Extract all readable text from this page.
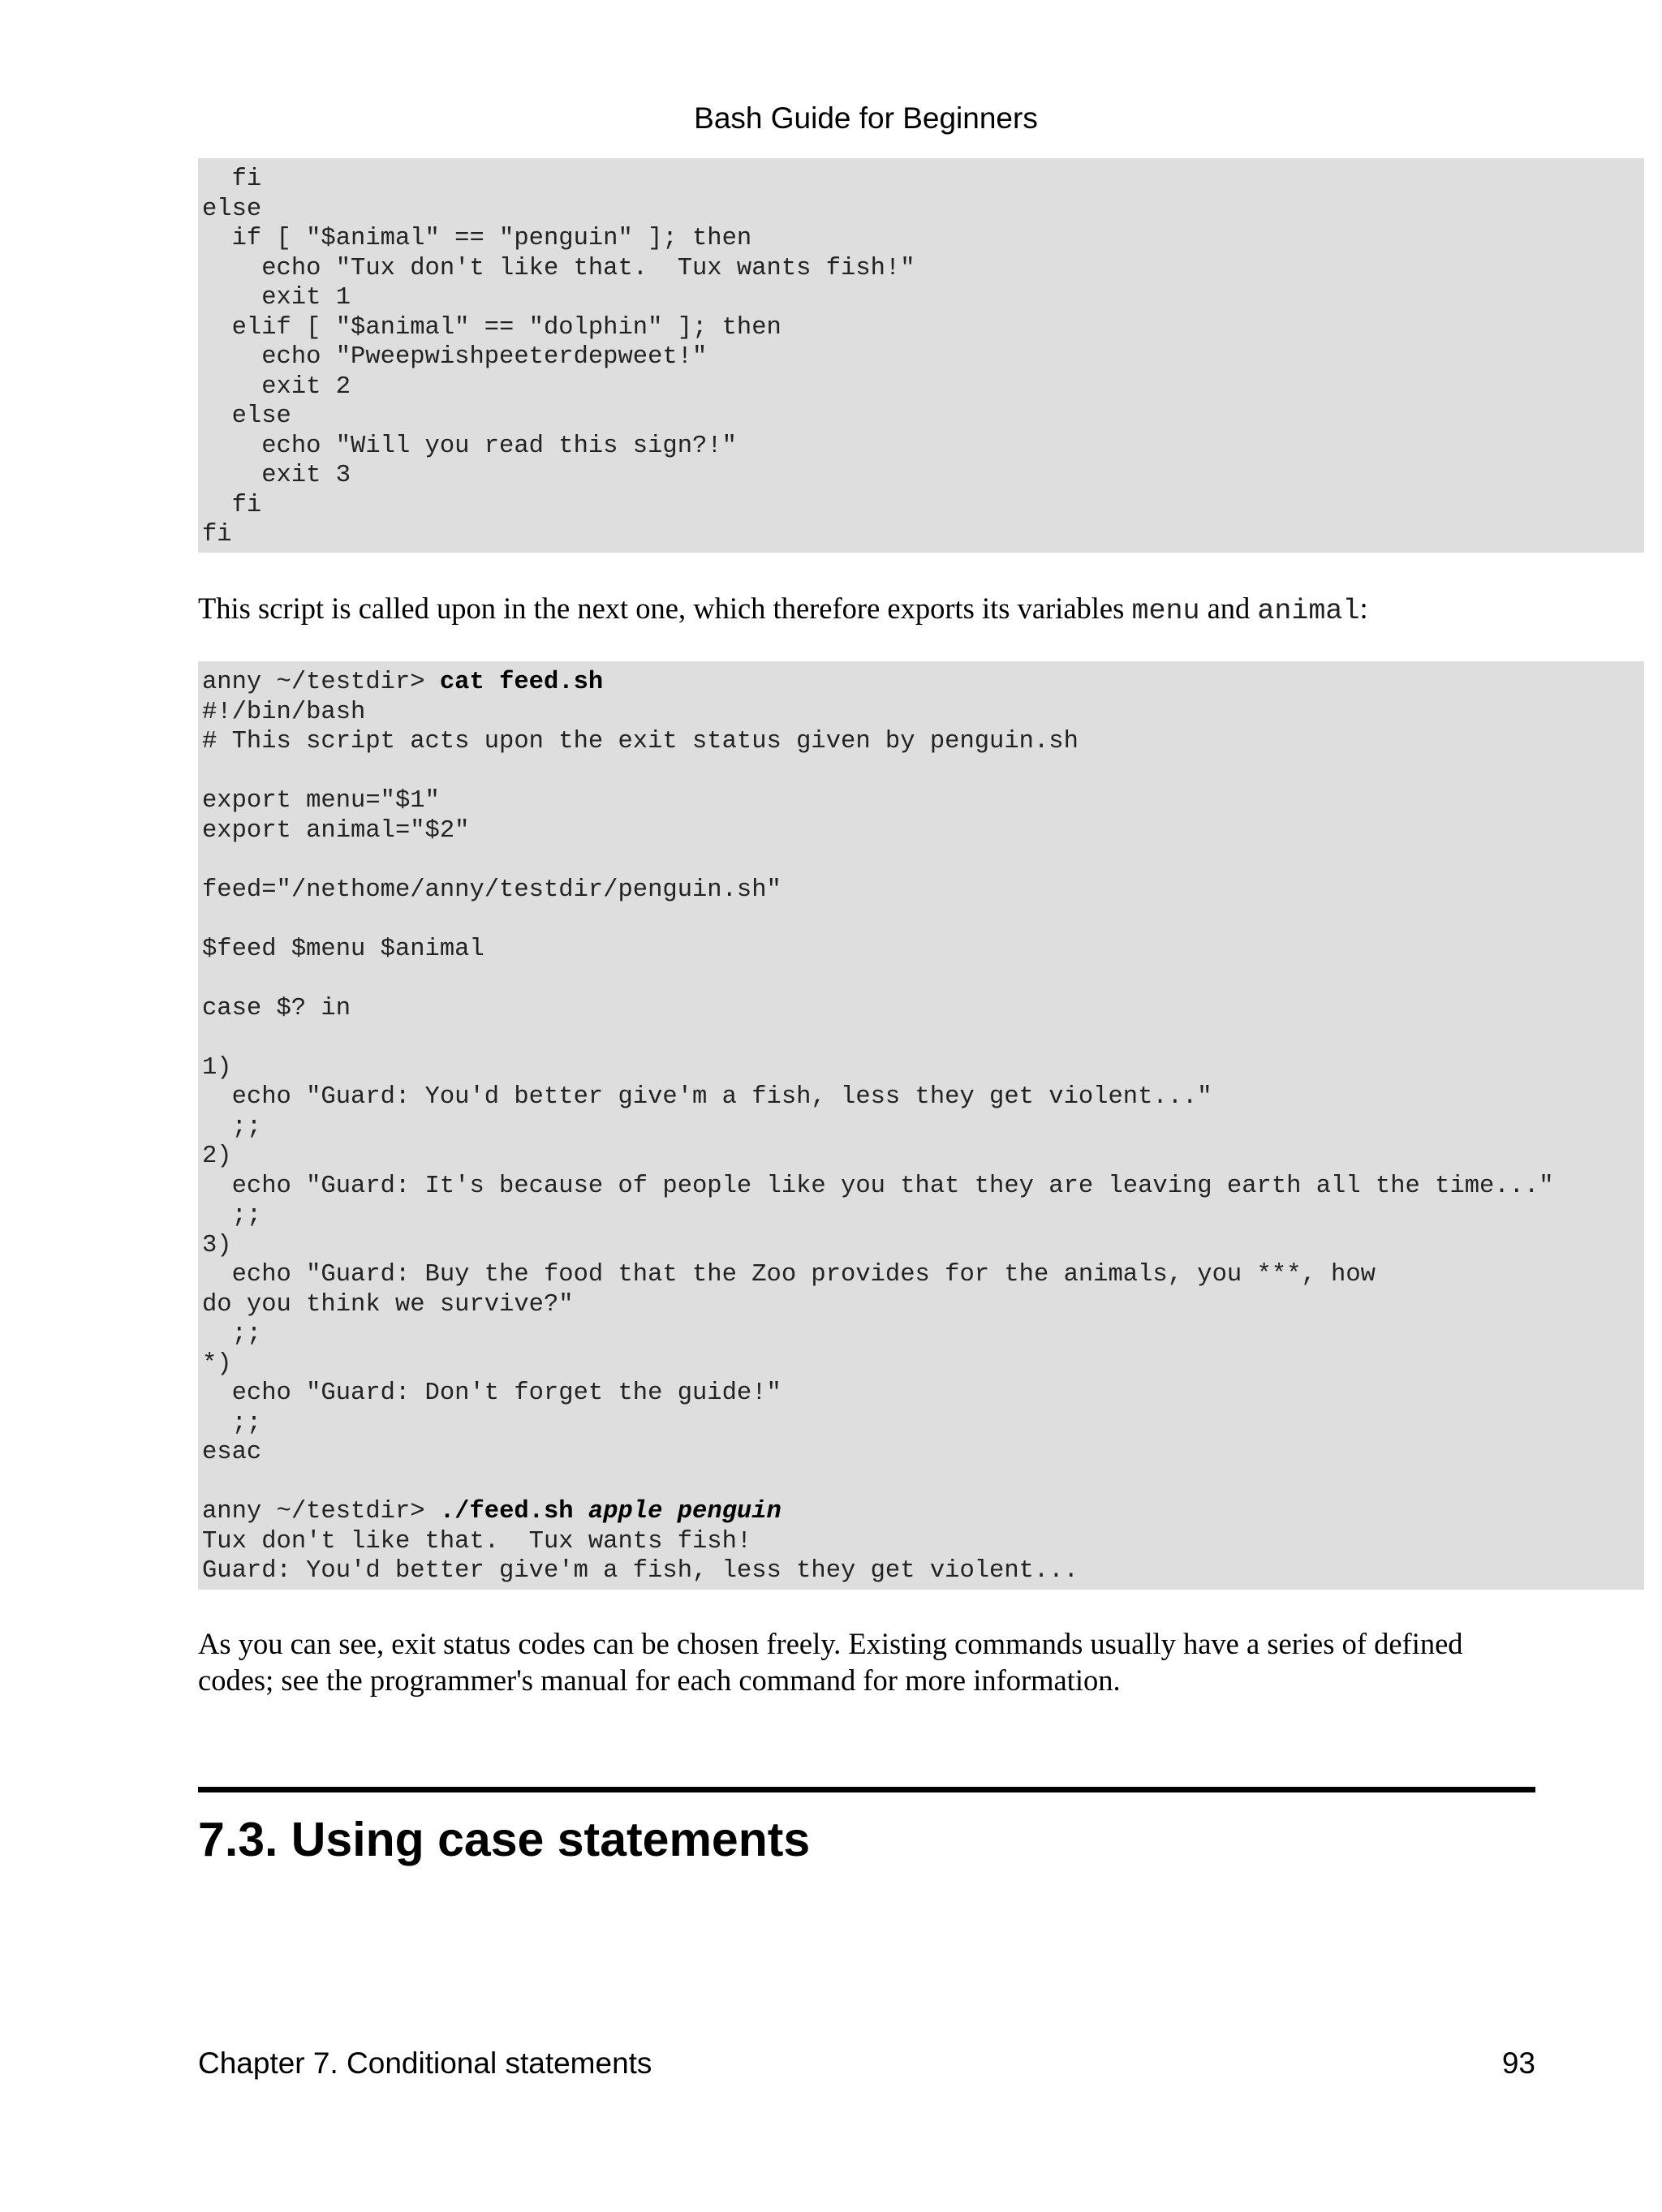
Bash Guide for Beginners
fi
else
if [ "$animal" == "penguin" ]; then
echo "Tux don't like that.  Tux wants fish!"
exit 1
elif [ "$animal" == "dolphin" ]; then
echo "Pweepwishpeeterdepweet!"
exit 2
else
echo "Will you read this sign?!"
exit 3
fi
fi

This script is called upon in the next one, which therefore exports its variables menu and animal:

anny ~/testdir> cat feed.sh
#!/bin/bash
# This script acts upon the exit status given by penguin.sh

export menu="$1"
export animal="$2"

feed="/nethome/anny/testdir/penguin.sh"

$feed $menu $animal

case $? in

1)
echo "Guard: You'd better give'm a fish, less they get violent..."
;;
2)
echo "Guard: It's because of people like you that they are leaving earth all the time..."
;;
3)
echo "Guard: Buy the food that the Zoo provides for the animals, you ***, how
do you think we survive?"
;;
*)
echo "Guard: Don't forget the guide!"
;;
esac

anny ~/testdir> ./feed.sh apple penguin
Tux don't like that.  Tux wants fish!
Guard: You'd better give'm a fish, less they get violent...

As you can see, exit status codes can be chosen freely. Existing commands usually have a series of defined codes; see the programmer's manual for each command for more information.

7.3. Using case statements
Chapter 7. Conditional statements	93
